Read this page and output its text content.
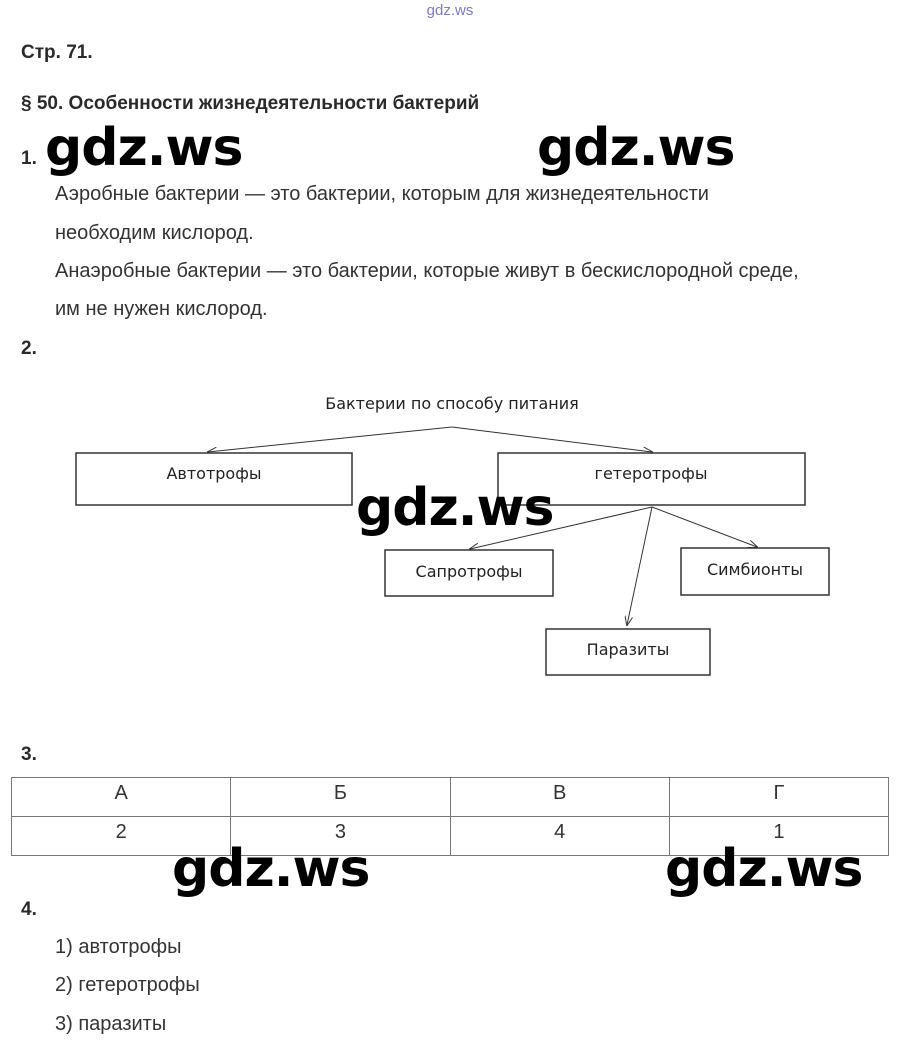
gdz.ws
Стр. 71.
§ 50. Особенности жизнедеятельности бактерий
1.
Аэробные бактерии — это бактерии, которым для жизнедеятельности
необходим кислород.
Анаэробные бактерии — это бактерии, которые живут в бескислородной среде,
им не нужен кислород.
2.
Бактерии по способу питания
Автотрофы	гетеротрофы
Сапротрофы	Симбионты
Паразиты
3.
А	Б	В	Г
2	3	4	1
4.
1) автотрофы
2) гетеротрофы
3) паразиты
gdz.ws	gdz.ws
gdz.ws
gdz.ws	gdz.ws
